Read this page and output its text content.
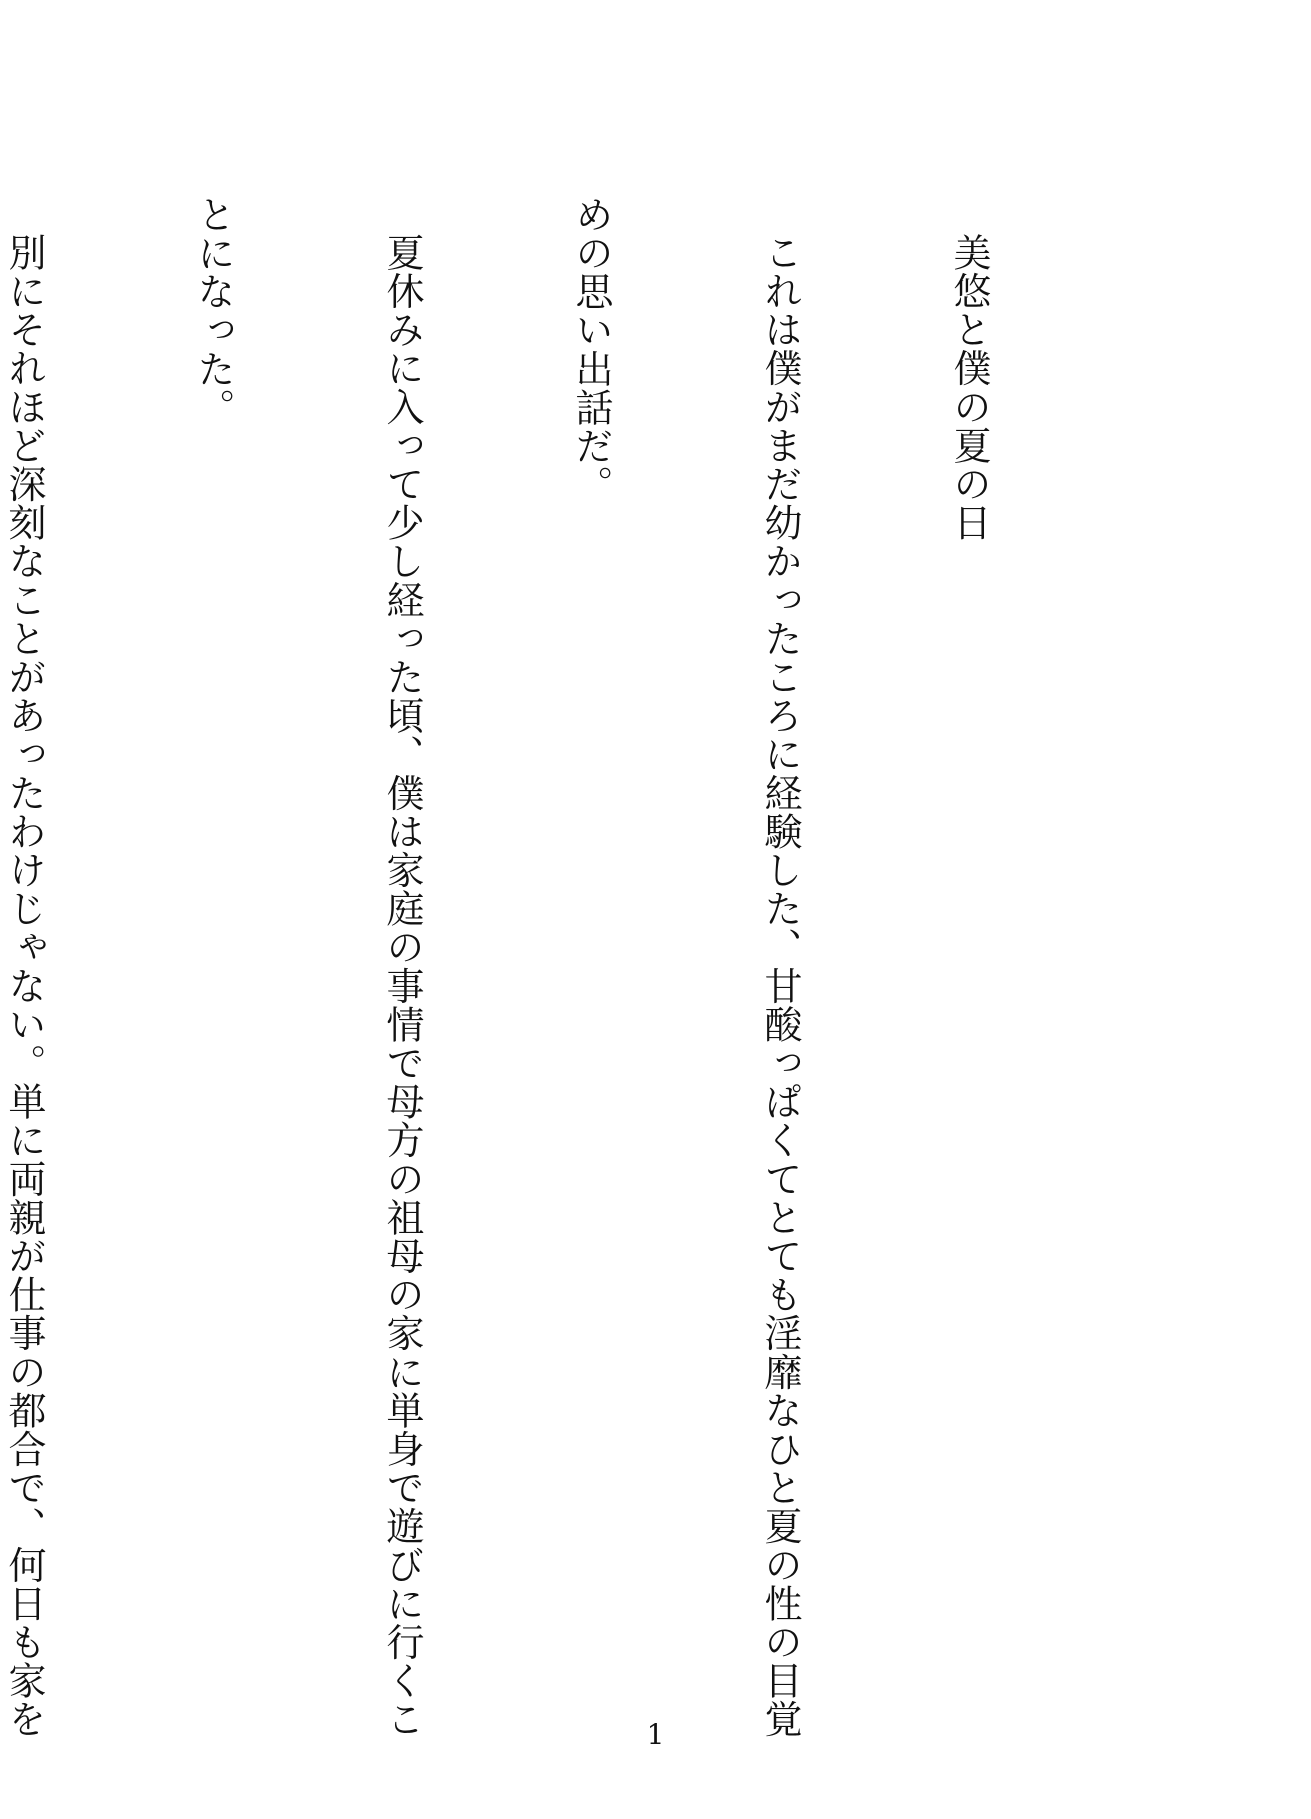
美悠と僕の夏の日

これは僕がまだ幼かったころに経験した、甘酸っぱくてとても淫靡なひと夏の性の目覚

めの思い出話だ。

夏休みに入って少し経った頃、僕は家庭の事情で母方の祖母の家に単身で遊びに行くこ

とになった。

別にそれほど深刻なことがあったわけじゃない。単に両親が仕事の都合で、何日も家を

	1
